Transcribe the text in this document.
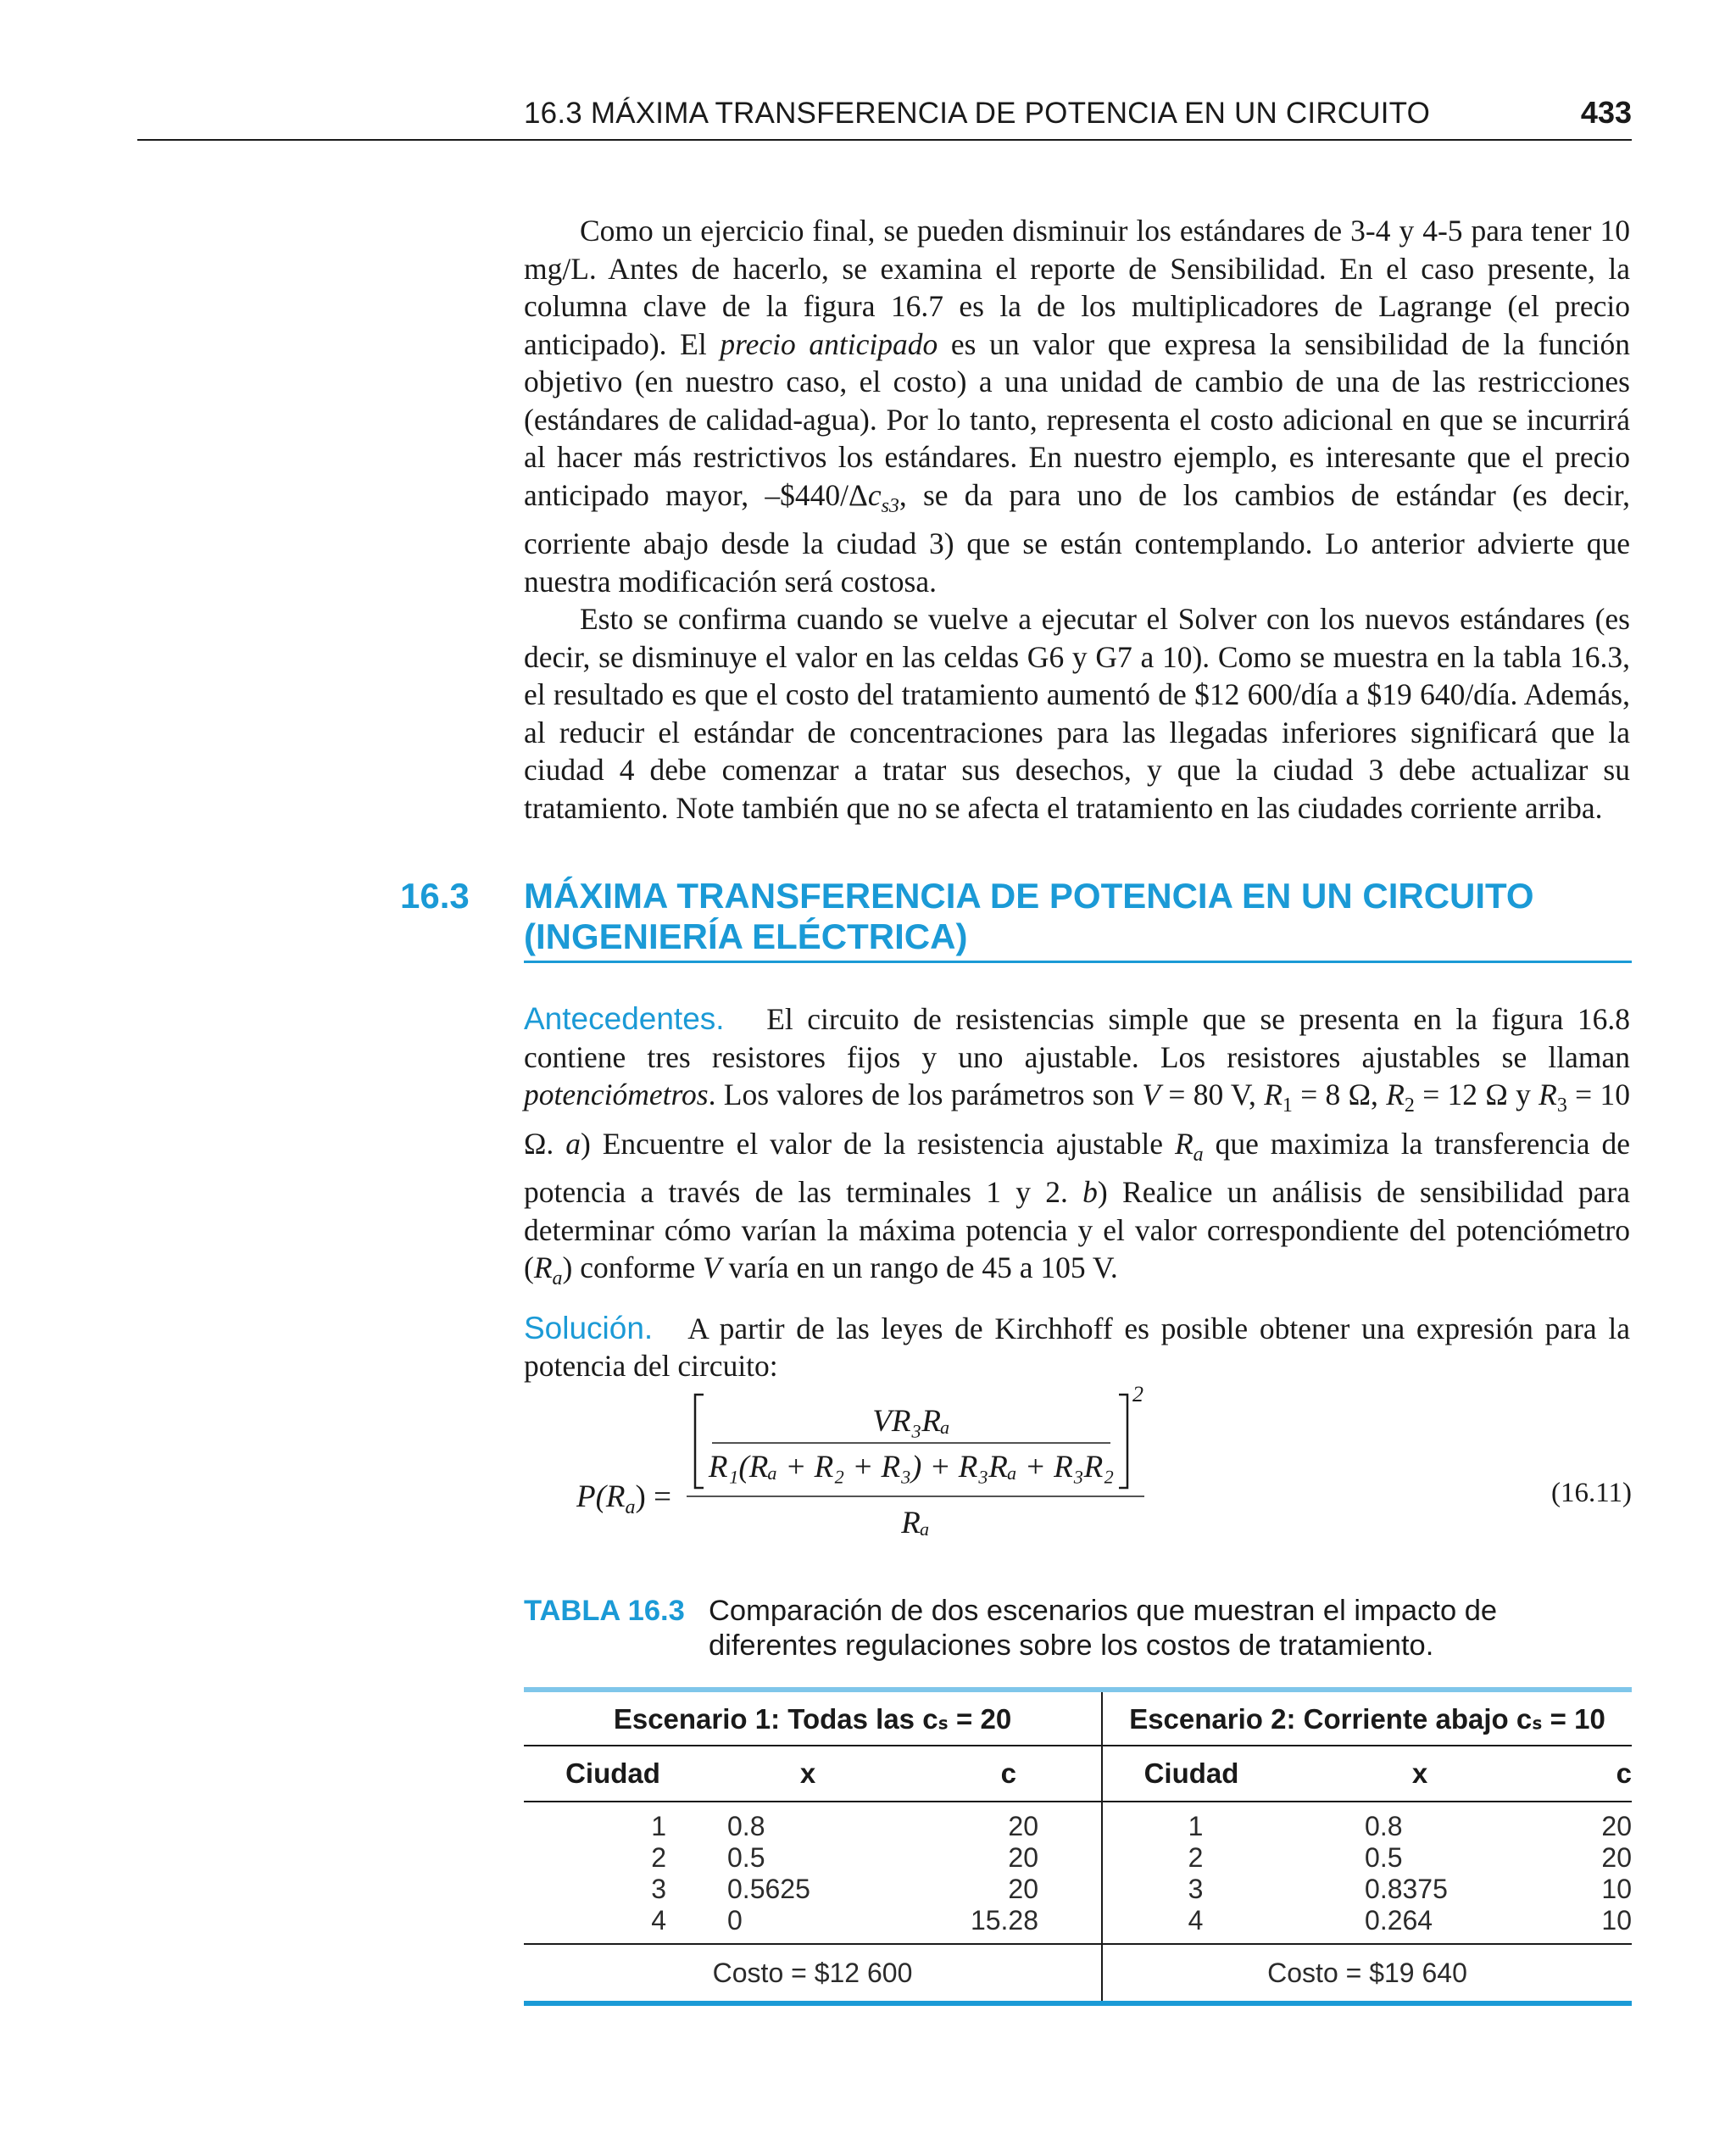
16.3 MÁXIMA TRANSFERENCIA DE POTENCIA EN UN CIRCUITO	433

Como un ejercicio final, se pueden disminuir los estándares de 3-4 y 4-5 para tener 10 mg/L. Antes de hacerlo, se examina el reporte de Sensibilidad. En el caso presente, la columna clave de la figura 16.7 es la de los multiplicadores de Lagrange (el precio anticipado). El precio anticipado es un valor que expresa la sensibilidad de la función objetivo (en nuestro caso, el costo) a una unidad de cambio de una de las restricciones (estándares de calidad-agua). Por lo tanto, representa el costo adicional en que se incurrirá al hacer más restrictivos los estándares. En nuestro ejemplo, es interesante que el precio anticipado mayor, $-\$440/\Delta c_{s3}$, se da para uno de los cambios de estándar (es decir, corriente abajo desde la ciudad 3) que se están contemplando. Lo anterior advierte que nuestra modificación será costosa.

Esto se confirma cuando se vuelve a ejecutar el Solver con los nuevos estándares (es decir, se disminuye el valor en las celdas G6 y G7 a 10). Como se muestra en la tabla 16.3, el resultado es que el costo del tratamiento aumentó de $12 600/día a $19 640/día. Además, al reducir el estándar de concentraciones para las llegadas inferiores significará que la ciudad 4 debe comenzar a tratar sus desechos, y que la ciudad 3 debe actualizar su tratamiento. Note también que no se afecta el tratamiento en las ciudades corriente arriba.

16.3 MÁXIMA TRANSFERENCIA DE POTENCIA EN UN CIRCUITO
(INGENIERÍA ELÉCTRICA)

Antecedentes. El circuito de resistencias simple que se presenta en la figura 16.8 contiene tres resistores fijos y uno ajustable. Los resistores ajustables se llaman potenciómetros. Los valores de los parámetros son V = 80 V, $R_1 = 8$ Ω, $R_2 = 12$ Ω y $R_3 = 10$ Ω. a) Encuentre el valor de la resistencia ajustable $R_a$ que maximiza la transferencia de potencia a través de las terminales 1 y 2. b) Realice un análisis de sensibilidad para determinar cómo varían la máxima potencia y el valor correspondiente del potenciómetro $(R_a)$ conforme V varía en un rango de 45 a 105 V.

Solución. A partir de las leyes de Kirchhoff es posible obtener una expresión para la potencia del circuito:

$P(R_a)$ =
VR₃Rₐ
R₁(Rₐ + R₂ + R₃) + R₃Rₐ + R₃R₂
2
Rₐ
(16.11)
TABLA 16.3 Comparación de dos escenarios que muestran el impacto de diferentes regulaciones sobre los costos de tratamiento.
Escenario 1: Todas las cₛ = 20			Escenario 2: Corriente abajo cₛ = 10		
Ciudad	x	c	Ciudad	x	c
1	0.8	20	1	0.8	20
2	0.5	20	2	0.5	20
3	0.5625	20	3	0.8375	10
4	0	15.28	4	0.264	10
Costo = $12 600			Costo = $19 640		
